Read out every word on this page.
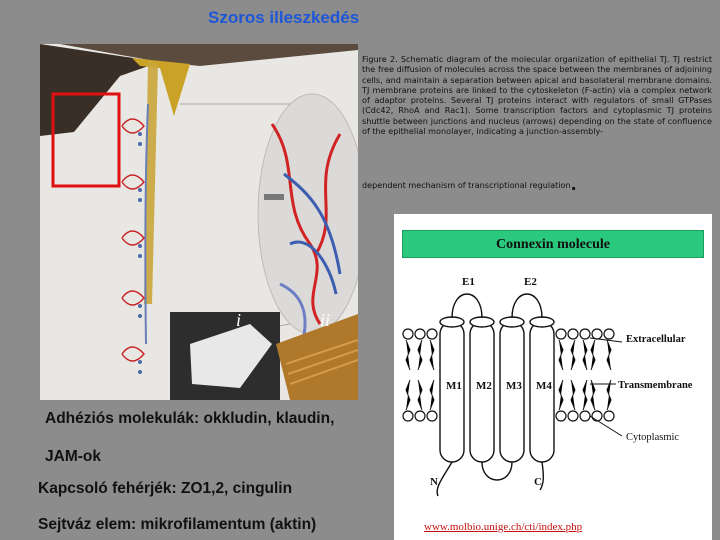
Szoros illeszkedés
i	ii
Figure 2. Schematic diagram of the molecular organization of epithelial TJ. TJ restrict the free diffusion of molecules across the space between the membranes of adjoining cells, and maintain a separation between apical and basolateral membrane domains. TJ membrane proteins are linked to the cytoskeleton (F-actin) via a complex network of adaptor proteins. Several TJ proteins interact with regulators of small GTPases (Cdc42, RhoA and Rac1). Some transcription factors and cytoplasmic TJ proteins shuttle between junctions and nucleus (arrows) depending on the state of confluence of the epithelial monolayer, indicating a junction-assembly-
dependent mechanism of transcriptional regulation.
Connexin molecule
E1	E2
M1 M2 M3 M4
Extracellular
Transmembrane
Cytoplasmic
N	C
www.molbio.unige.ch/cti/index.php
Adhéziós molekulák: okkludin, klaudin,
JAM-ok
Kapcsoló fehérjék: ZO1,2, cingulin
Sejtváz elem: mikrofilamentum (aktin)
